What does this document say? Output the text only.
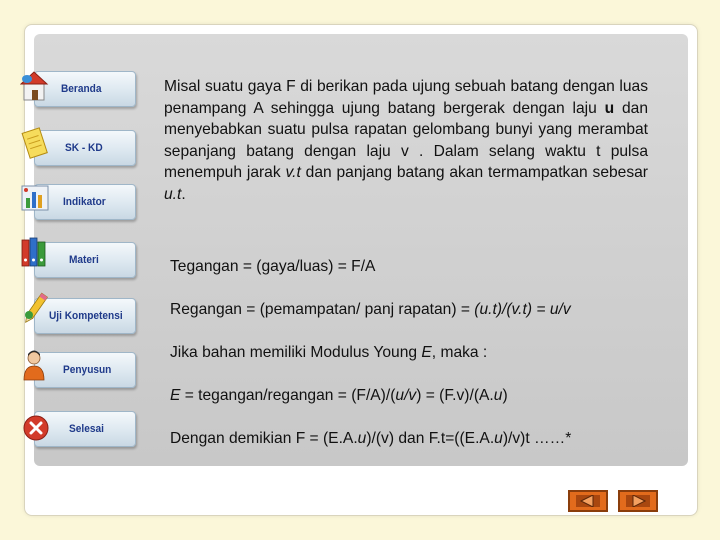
Beranda
SK - KD
Indikator
Materi
Uji Kompetensi
Penyusun
Selesai

Misal suatu gaya F di berikan pada ujung sebuah batang dengan luas penampang A sehingga ujung batang bergerak dengan laju u dan menyebabkan suatu pulsa rapatan gelombang bunyi yang merambat sepanjang batang dengan laju v . Dalam selang waktu t pulsa menempuh jarak v.t dan panjang batang akan termampatkan sebesar u.t.

Tegangan = (gaya/luas) = F/A
Regangan = (pemampatan/ panj rapatan) = (u.t)/(v.t) = u/v
Jika bahan memiliki Modulus Young E, maka :
E = tegangan/regangan = (F/A)/(u/v) = (F.v)/(A.u)
Dengan demikian F = (E.A.u)/(v) dan F.t=((E.A.u)/v)t ……*
